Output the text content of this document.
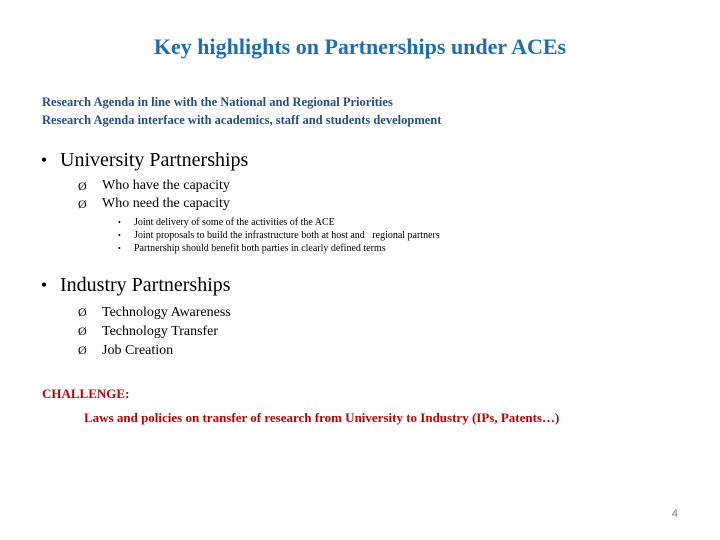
Key highlights on Partnerships under ACEs
Research Agenda in line with the National and Regional Priorities
Research Agenda interface with academics, staff and students development
• University Partnerships
Ø	Who have the capacity
Ø	Who need the capacity
•	Joint delivery of some of the activities of the ACE
•	Joint proposals to build the infrastructure both at host and   regional partners
•	Partnership should benefit both parties in clearly defined terms
• Industry Partnerships
Ø	Technology Awareness
Ø	Technology Transfer
Ø	Job Creation
CHALLENGE:
Laws and policies on transfer of research from University to Industry (IPs, Patents…)
4
